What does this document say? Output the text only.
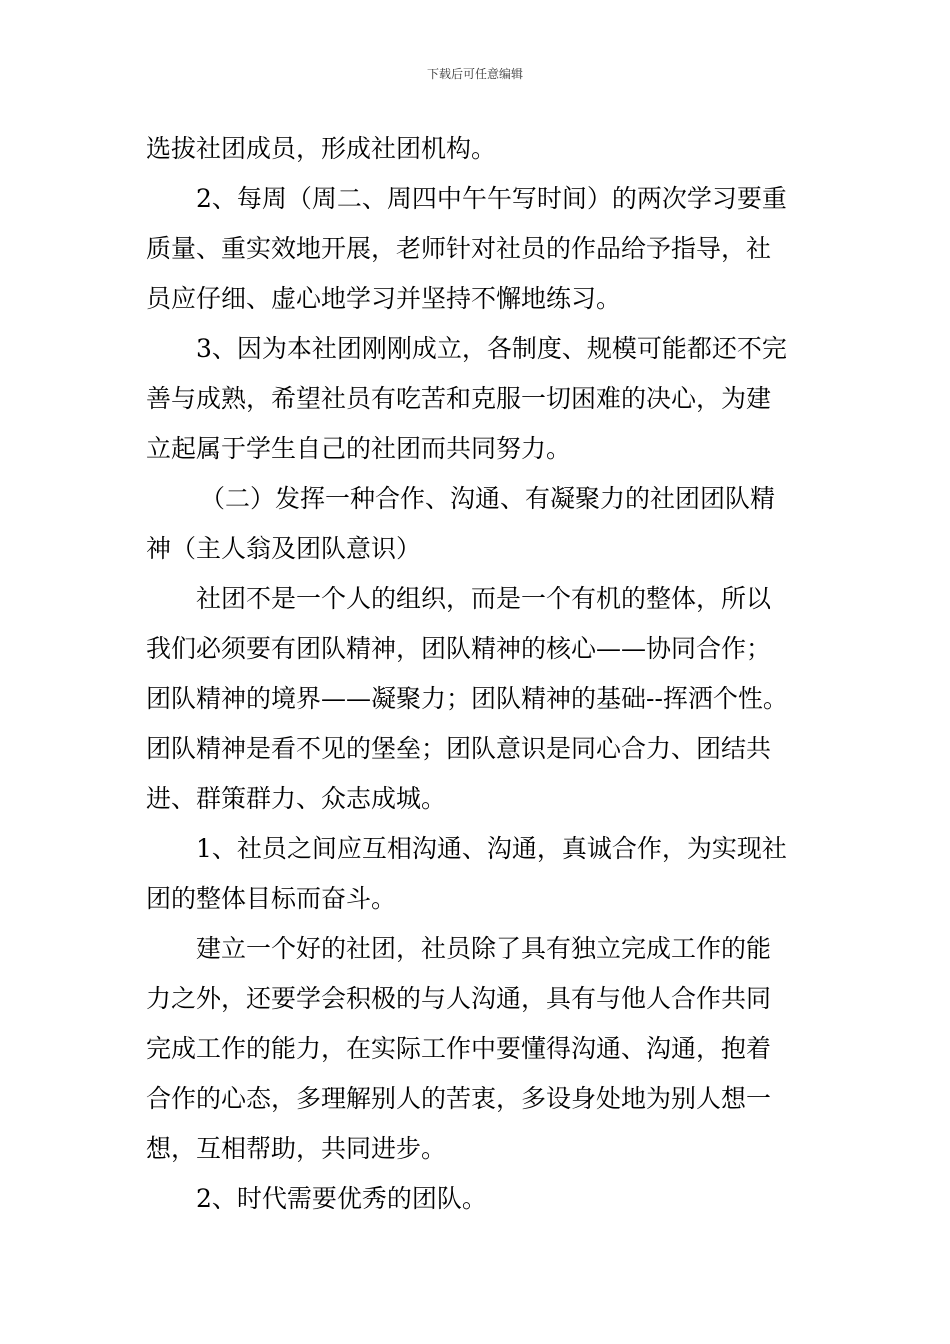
下载后可任意编辑
选拔社团成员，形成社团机构。
2、每周（周二、周四中午午写时间）的两次学习要重
质量、重实效地开展，老师针对社员的作品给予指导，社
员应仔细、虚心地学习并坚持不懈地练习。
3、因为本社团刚刚成立，各制度、规模可能都还不完
善与成熟，希望社员有吃苦和克服一切困难的决心，为建
立起属于学生自己的社团而共同努力。
（二）发挥一种合作、沟通、有凝聚力的社团团队精
神（主人翁及团队意识）
社团不是一个人的组织，而是一个有机的整体，所以
我们必须要有团队精神，团队精神的核心——协同合作；
团队精神的境界——凝聚力；团队精神的基础--挥洒个性。
团队精神是看不见的堡垒；团队意识是同心合力、团结共
进、群策群力、众志成城。
1、社员之间应互相沟通、沟通，真诚合作，为实现社
团的整体目标而奋斗。
建立一个好的社团，社员除了具有独立完成工作的能
力之外，还要学会积极的与人沟通，具有与他人合作共同
完成工作的能力，在实际工作中要懂得沟通、沟通，抱着
合作的心态，多理解别人的苦衷，多设身处地为别人想一
想，互相帮助，共同进步。
2、时代需要优秀的团队。
